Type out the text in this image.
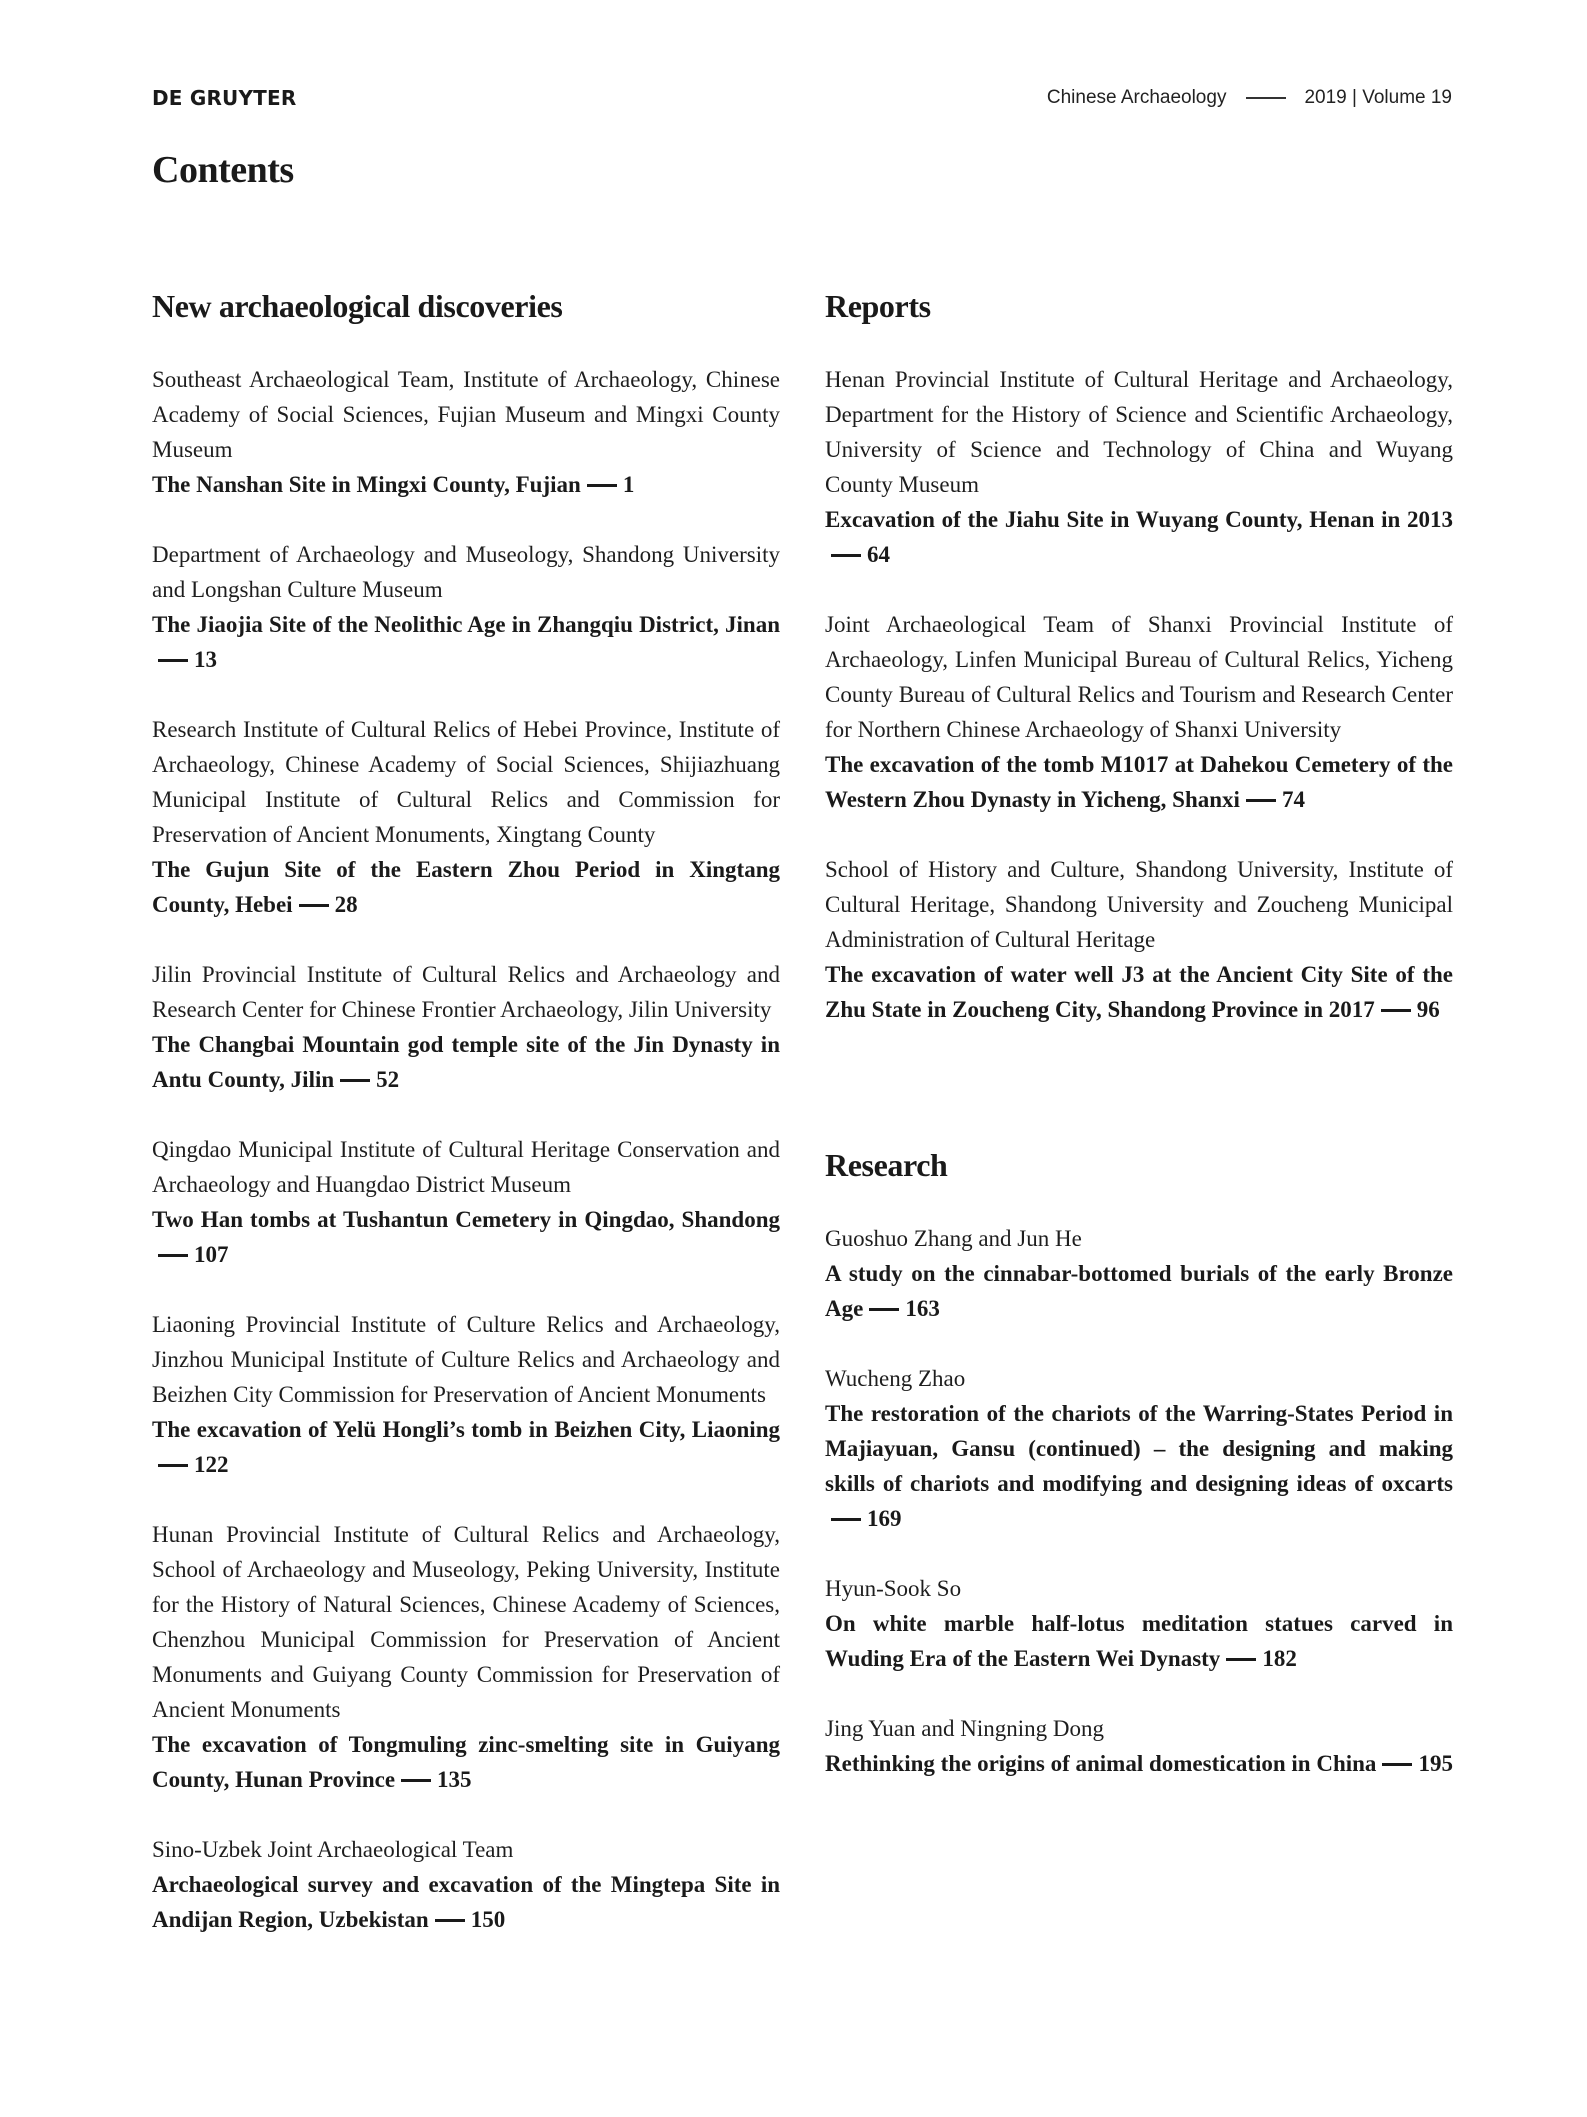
DE GRUYTER	Chinese Archaeology	2019 | Volume 19
Contents
New archaeological discoveries
Southeast Archaeological Team, Institute of Archaeology, Chinese Academy of Social Sciences, Fujian Museum and Mingxi County Museum
The Nanshan Site in Mingxi County, Fujian 1
Department of Archaeology and Museology, Shandong University and Longshan Culture Museum
The Jiaojia Site of the Neolithic Age in Zhangqiu District, Jinan13
Research Institute of Cultural Relics of Hebei Province, Institute of Archaeology, Chinese Academy of Social Sciences, Shijiazhuang Municipal Institute of Cultural Relics and Commission for Preservation of Ancient Monuments, Xingtang County
The Gujun Site of the Eastern Zhou Period in Xingtang County, Hebei 28
Jilin Provincial Institute of Cultural Relics and Archaeology and Research Center for Chinese Frontier Archaeology, Jilin University
The Changbai Mountain god temple site of the Jin Dynasty in Antu County, Jilin 52
Qingdao Municipal Institute of Cultural Heritage Conservation and Archaeology and Huangdao District Museum
Two Han tombs at Tushantun Cemetery in Qingdao, Shandong107
Liaoning Provincial Institute of Culture Relics and Archaeology, Jinzhou Municipal Institute of Culture Relics and Archaeology and Beizhen City Commission for Preservation of Ancient Monuments
The excavation of Yelü Hongli’s tomb in Beizhen City, Liaoning122
Hunan Provincial Institute of Cultural Relics and Archaeology, School of Archaeology and Museology, Peking University, Institute for the History of Natural Sciences, Chinese Academy of Sciences, Chenzhou Municipal Commission for Preservation of Ancient Monuments and Guiyang County Commission for Preservation of Ancient Monuments
The excavation of Tongmuling zinc-smelting site in Guiyang County, Hunan Province 135
Sino-Uzbek Joint Archaeological Team
Archaeological survey and excavation of the Mingtepa Site in Andijan Region, Uzbekistan 150
Reports
Henan Provincial Institute of Cultural Heritage and Archaeology, Department for the History of Science and Scientific Archaeology, University of Science and Technology of China and Wuyang County Museum
Excavation of the Jiahu Site in Wuyang County, Henan in 201364
Joint Archaeological Team of Shanxi Provincial Institute of Archaeology, Linfen Municipal Bureau of Cultural Relics, Yicheng County Bureau of Cultural Relics and Tourism and Research Center for Northern Chinese Archaeology of Shanxi University
The excavation of the tomb M1017 at Dahekou Cemetery of the Western Zhou Dynasty in Yicheng, Shanxi 74
School of History and Culture, Shandong University, Institute of Cultural Heritage, Shandong University and Zoucheng Municipal Administration of Cultural Heritage
The excavation of water well J3 at the Ancient City Site of the Zhu State in Zoucheng City, Shandong Province in 2017 96
Research
Guoshuo Zhang and Jun He
A study on the cinnabar-bottomed burials of the early Bronze Age 163
Wucheng Zhao
The restoration of the chariots of the Warring-States Period in Majiayuan, Gansu (continued) – the designing and making skills of chariots and modifying and designing ideas of oxcarts169
Hyun-Sook So
On white marble half-lotus meditation statues carved in Wuding Era of the Eastern Wei Dynasty 182
Jing Yuan and Ningning Dong
Rethinking the origins of animal domestication in China 195
